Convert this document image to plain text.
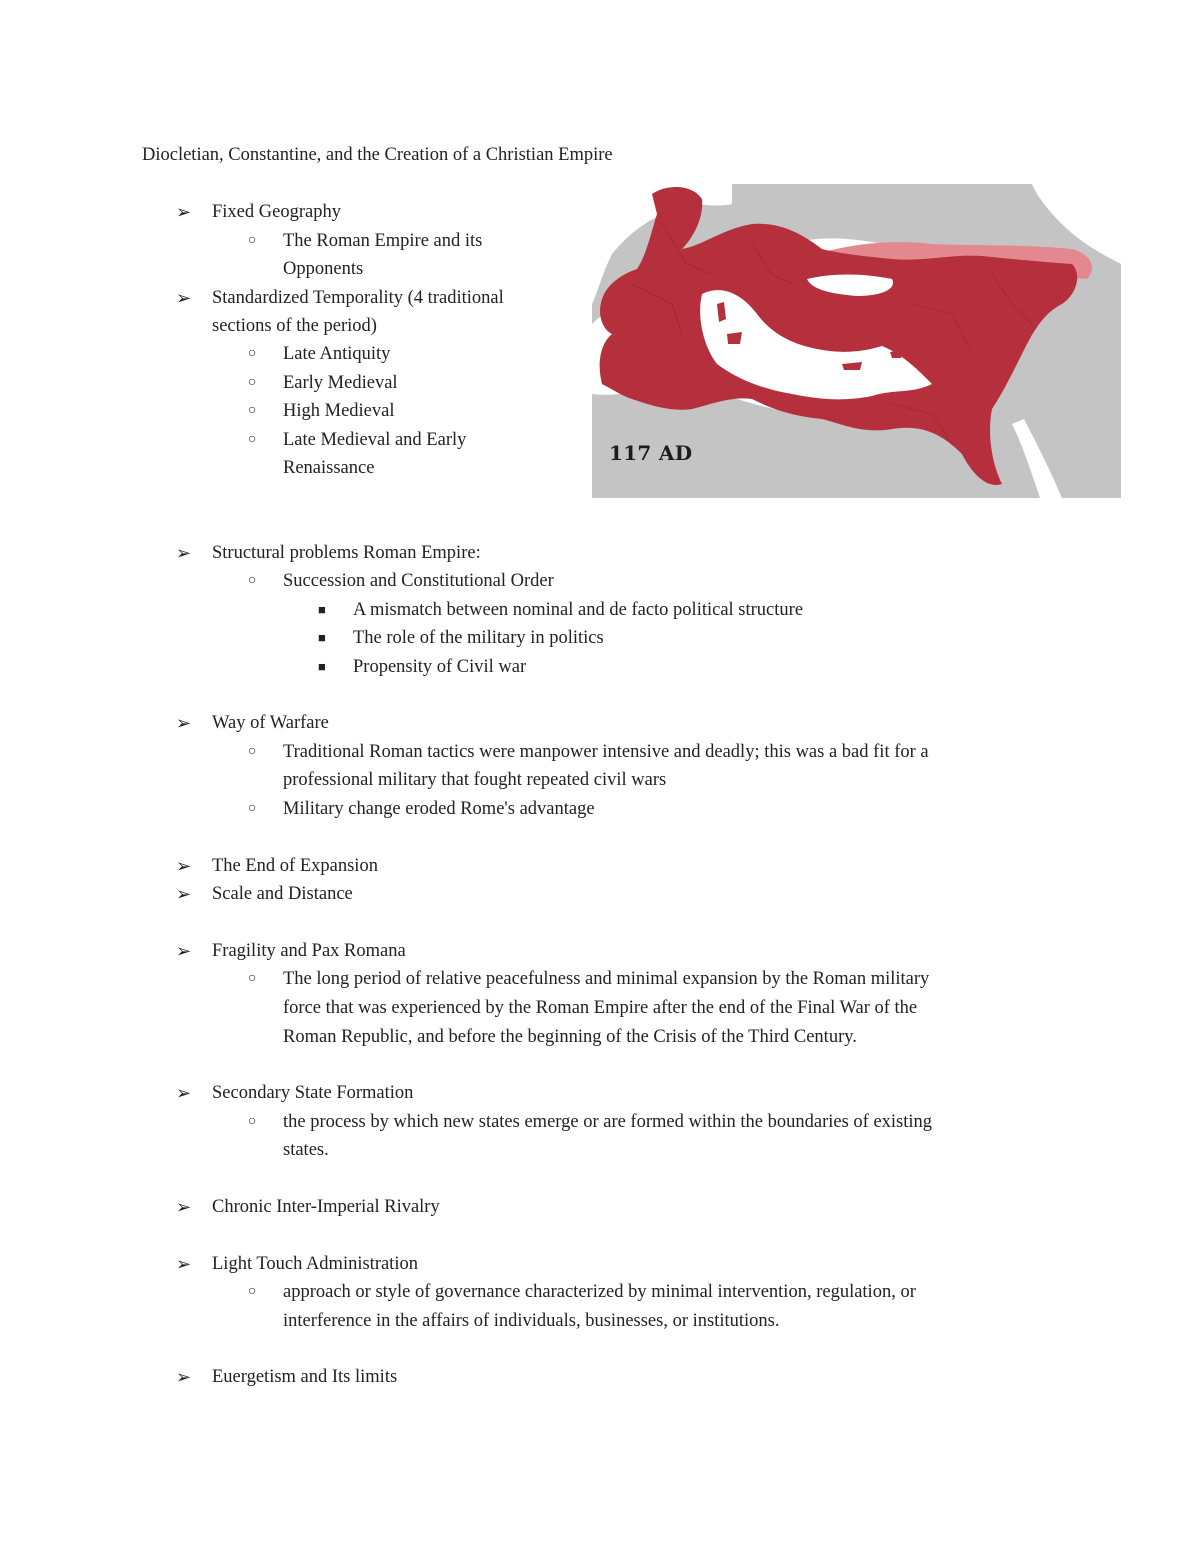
Diocletian, Constantine, and the Creation of a Christian Empire
117 AD
➢ Fixed Geography
○ The Roman Empire and its
Opponents
➢ Standardized Temporality (4 traditional
sections of the period)
○ Late Antiquity
○ Early Medieval
○ High Medieval
○ Late Medieval and Early
Renaissance
➢ Structural problems Roman Empire:
○ Succession and Constitutional Order
■ A mismatch between nominal and de facto political structure
■ The role of the military in politics
■ Propensity of Civil war
➢ Way of Warfare
○ Traditional Roman tactics were manpower intensive and deadly; this was a bad fit for a
professional military that fought repeated civil wars
○ Military change eroded Rome's advantage
➢ The End of Expansion
➢ Scale and Distance
➢ Fragility and Pax Romana
○ The long period of relative peacefulness and minimal expansion by the Roman military
force that was experienced by the Roman Empire after the end of the Final War of the
Roman Republic, and before the beginning of the Crisis of the Third Century.
➢ Secondary State Formation
○ the process by which new states emerge or are formed within the boundaries of existing
states.
➢ Chronic Inter-Imperial Rivalry
➢ Light Touch Administration
○ approach or style of governance characterized by minimal intervention, regulation, or
interference in the affairs of individuals, businesses, or institutions.
➢ Euergetism and Its limits
